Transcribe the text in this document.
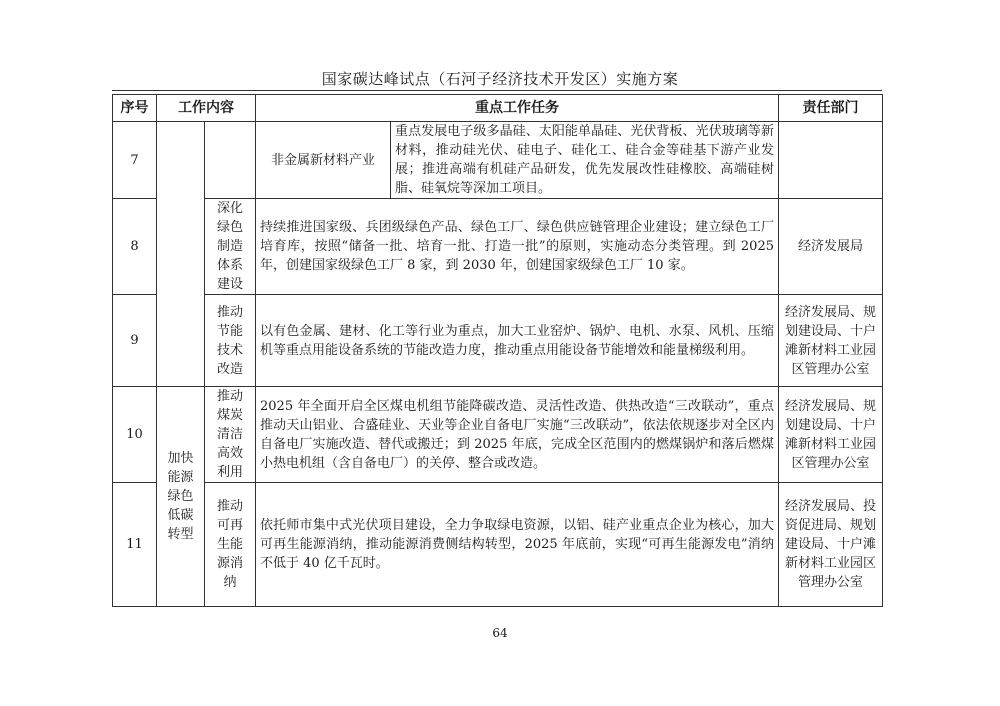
国家碳达峰试点（石河子经济技术开发区）实施方案
序号	工作内容		重点工作任务		责任部门
7			非金属新材料产业	重点发展电子级多晶硅、太阳能单晶硅、光伏背板、光伏玻璃等新材料，推动硅光伏、硅电子、硅化工、硅合金等硅基下游产业发展；推进高端有机硅产品研发，优先发展改性硅橡胶、高端硅树脂、硅氧烷等深加工项目。	
8		深化绿色制造体系建设	持续推进国家级、兵团级绿色产品、绿色工厂、绿色供应链管理企业建设；建立绿色工厂培育库，按照“储备一批、培育一批、打造一批”的原则，实施动态分类管理。到 2025 年，创建国家级绿色工厂 8 家，到 2030 年，创建国家级绿色工厂 10 家。		经济发展局
9		推动节能技术改造	以有色金属、建材、化工等行业为重点，加大工业窑炉、锅炉、电机、水泵、风机、压缩机等重点用能设备系统的节能改造力度，推动重点用能设备节能增效和能量梯级利用。		经济发展局、规划建设局、十户滩新材料工业园区管理办公室
10	加快能源绿色低碳转型	推动煤炭清洁高效利用	2025 年全面开启全区煤电机组节能降碳改造、灵活性改造、供热改造“三改联动”，重点推动天山铝业、合盛硅业、天业等企业自备电厂实施“三改联动”，依法依规逐步对全区内自备电厂实施改造、替代或搬迁；到 2025 年底，完成全区范围内的燃煤锅炉和落后燃煤小热电机组（含自备电厂）的关停、整合或改造。		经济发展局、规划建设局、十户滩新材料工业园区管理办公室
11		推动可再生能源消纳	依托师市集中式光伏项目建设，全力争取绿电资源，以铝、硅产业重点企业为核心，加大可再生能源消纳，推动能源消费侧结构转型，2025 年底前，实现“可再生能源发电”消纳不低于 40 亿千瓦时。		经济发展局、投资促进局、规划建设局、十户滩新材料工业园区管理办公室
64
